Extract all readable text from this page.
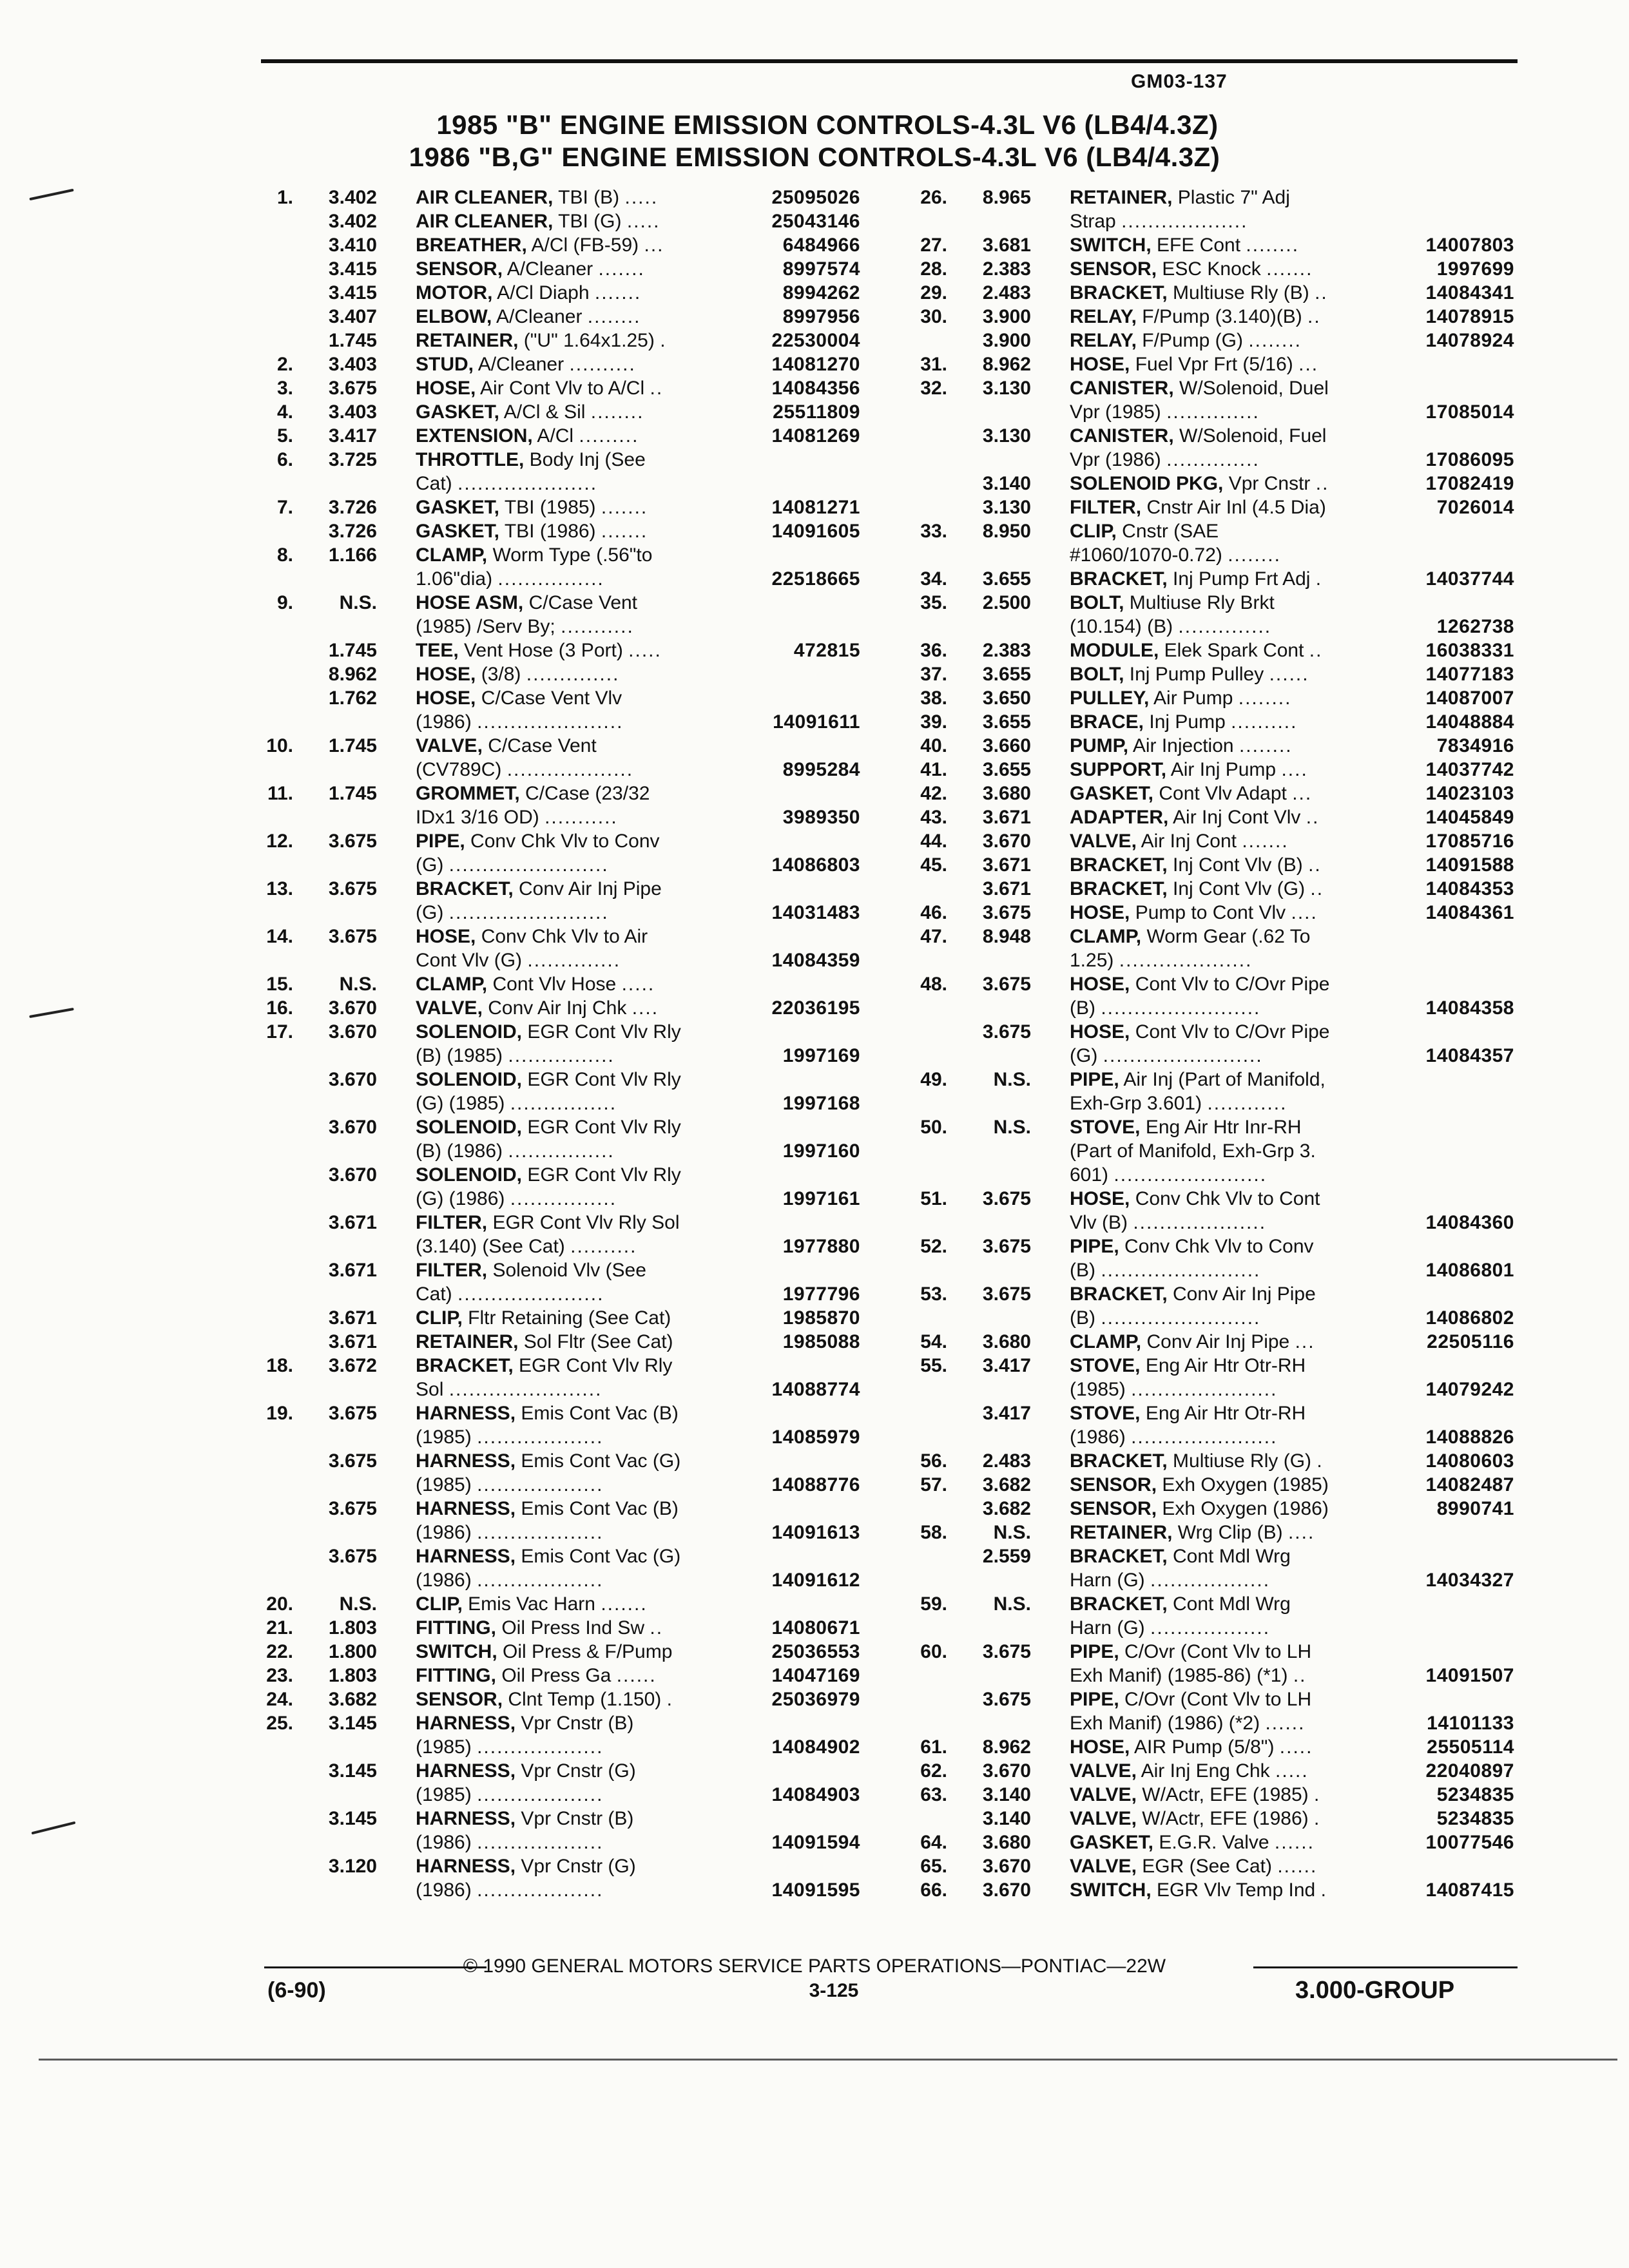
GM03-137
1985 "B" ENGINE EMISSION CONTROLS-4.3L V6 (LB4/4.3Z)
1986 "B,G" ENGINE EMISSION CONTROLS-4.3L V6 (LB4/4.3Z)
1.	3.402 AIR CLEANER, TBI (B) .....	25095026
3.402 AIR CLEANER, TBI (G) .....	25043146
3.410 BREATHER, A/Cl (FB-59) ...	6484966
3.415 SENSOR, A/Cleaner .......	8997574
3.415 MOTOR, A/Cl Diaph .......	8994262
3.407 ELBOW, A/Cleaner ........	8997956
1.745 RETAINER, ("U" 1.64x1.25) .	22530004
2.	3.403 STUD, A/Cleaner ..........	14081270
3.	3.675 HOSE, Air Cont Vlv to A/Cl ..	14084356
4.	3.403 GASKET, A/Cl & Sil ........	25511809
5.	3.417 EXTENSION, A/Cl .........	14081269
6.	3.725 THROTTLE, Body Inj (See
Cat) .....................
7.	3.726 GASKET, TBI (1985) .......	14081271
3.726 GASKET, TBI (1986) .......	14091605
8.	1.166 CLAMP, Worm Type (.56"to
1.06"dia) ................	22518665
9.	N.S. HOSE ASM, C/Case Vent
(1985) /Serv By; ...........
1.745 TEE, Vent Hose (3 Port) .....	472815
8.962 HOSE, (3/8) ..............
1.762 HOSE, C/Case Vent Vlv
(1986) ......................	14091611
10.	1.745 VALVE, C/Case Vent
(CV789C) ...................	8995284
11.	1.745 GROMMET, C/Case (23/32
IDx1 3/16 OD) ...........	3989350
12.	3.675 PIPE, Conv Chk Vlv to Conv
(G) ........................	14086803
13.	3.675 BRACKET, Conv Air Inj Pipe
(G) ........................	14031483
14.	3.675 HOSE, Conv Chk Vlv to Air
Cont Vlv (G) ..............	14084359
15.	N.S. CLAMP, Cont Vlv Hose .....
16.	3.670 VALVE, Conv Air Inj Chk ....	22036195
17.	3.670 SOLENOID, EGR Cont Vlv Rly
(B) (1985) ................	1997169
3.670 SOLENOID, EGR Cont Vlv Rly
(G) (1985) ................	1997168
3.670 SOLENOID, EGR Cont Vlv Rly
(B) (1986) ................	1997160
3.670 SOLENOID, EGR Cont Vlv Rly
(G) (1986) ................	1997161
3.671 FILTER, EGR Cont Vlv Rly Sol
(3.140) (See Cat) ..........	1977880
3.671 FILTER, Solenoid Vlv (See
Cat) ......................	1977796
3.671 CLIP, Fltr Retaining (See Cat)	1985870
3.671 RETAINER, Sol Fltr (See Cat)	1985088
18.	3.672 BRACKET, EGR Cont Vlv Rly
Sol .......................	14088774
19.	3.675 HARNESS, Emis Cont Vac (B)
(1985) ...................	14085979
3.675 HARNESS, Emis Cont Vac (G)
(1985) ...................	14088776
3.675 HARNESS, Emis Cont Vac (B)
(1986) ...................	14091613
3.675 HARNESS, Emis Cont Vac (G)
(1986) ...................	14091612
20.	N.S. CLIP, Emis Vac Harn .......
21.	1.803 FITTING, Oil Press Ind Sw ..	14080671
22.	1.800 SWITCH, Oil Press & F/Pump	25036553
23.	1.803 FITTING, Oil Press Ga ......	14047169
24.	3.682 SENSOR, Clnt Temp (1.150) .	25036979
25.	3.145 HARNESS, Vpr Cnstr (B)
(1985) ...................	14084902
3.145 HARNESS, Vpr Cnstr (G)
(1985) ...................	14084903
3.145 HARNESS, Vpr Cnstr (B)
(1986) ...................	14091594
3.120 HARNESS, Vpr Cnstr (G)
(1986) ...................	14091595
26.	8.965 RETAINER, Plastic 7" Adj
Strap ...................
27.	3.681 SWITCH, EFE Cont ........	14007803
28.	2.383 SENSOR, ESC Knock .......	1997699
29.	2.483 BRACKET, Multiuse Rly (B) ..	14084341
30.	3.900 RELAY, F/Pump (3.140)(B) ..	14078915
3.900 RELAY, F/Pump (G) ........	14078924
31.	8.962 HOSE, Fuel Vpr Frt (5/16) ...
32.	3.130 CANISTER, W/Solenoid, Duel
Vpr (1985) ..............	17085014
3.130 CANISTER, W/Solenoid, Fuel
Vpr (1986) ..............	17086095
3.140 SOLENOID PKG, Vpr Cnstr ..	17082419
3.130 FILTER, Cnstr Air Inl (4.5 Dia)	7026014
33.	8.950 CLIP, Cnstr (SAE
#1060/1070-0.72) ........
34.	3.655 BRACKET, Inj Pump Frt Adj .	14037744
35.	2.500 BOLT, Multiuse Rly Brkt
(10.154) (B) ..............	1262738
36.	2.383 MODULE, Elek Spark Cont ..	16038331
37.	3.655 BOLT, Inj Pump Pulley ......	14077183
38.	3.650 PULLEY, Air Pump ........	14087007
39.	3.655 BRACE, Inj Pump ..........	14048884
40.	3.660 PUMP, Air Injection ........	7834916
41.	3.655 SUPPORT, Air Inj Pump ....	14037742
42.	3.680 GASKET, Cont Vlv Adapt ...	14023103
43.	3.671 ADAPTER, Air Inj Cont Vlv ..	14045849
44.	3.670 VALVE, Air Inj Cont .......	17085716
45.	3.671 BRACKET, Inj Cont Vlv (B) ..	14091588
3.671 BRACKET, Inj Cont Vlv (G) ..	14084353
46.	3.675 HOSE, Pump to Cont Vlv ....	14084361
47.	8.948 CLAMP, Worm Gear (.62 To
1.25) ....................
48.	3.675 HOSE, Cont Vlv to C/Ovr Pipe
(B) ........................	14084358
3.675 HOSE, Cont Vlv to C/Ovr Pipe
(G) ........................	14084357
49.	N.S. PIPE, Air Inj (Part of Manifold,
Exh-Grp 3.601) ............
50.	N.S. STOVE, Eng Air Htr Inr-RH
(Part of Manifold, Exh-Grp 3.
601) .......................
51.	3.675 HOSE, Conv Chk Vlv to Cont
Vlv (B) ....................	14084360
52.	3.675 PIPE, Conv Chk Vlv to Conv
(B) ........................	14086801
53.	3.675 BRACKET, Conv Air Inj Pipe
(B) ........................	14086802
54.	3.680 CLAMP, Conv Air Inj Pipe ...	22505116
55.	3.417 STOVE, Eng Air Htr Otr-RH
(1985) ......................	14079242
3.417 STOVE, Eng Air Htr Otr-RH
(1986) ......................	14088826
56.	2.483 BRACKET, Multiuse Rly (G) .	14080603
57.	3.682 SENSOR, Exh Oxygen (1985)	14082487
3.682 SENSOR, Exh Oxygen (1986)	8990741
58.	N.S. RETAINER, Wrg Clip (B) ....
2.559 BRACKET, Cont Mdl Wrg
Harn (G) ..................	14034327
59.	N.S. BRACKET, Cont Mdl Wrg
Harn (G) ..................
60.	3.675 PIPE, C/Ovr (Cont Vlv to LH
Exh Manif) (1985-86) (*1) ..	14091507
3.675 PIPE, C/Ovr (Cont Vlv to LH
Exh Manif) (1986) (*2) ......	14101133
61.	8.962 HOSE, AIR Pump (5/8") .....	25505114
62.	3.670 VALVE, Air Inj Eng Chk .....	22040897
63.	3.140 VALVE, W/Actr, EFE (1985) .	5234835
3.140 VALVE, W/Actr, EFE (1986) .	5234835
64.	3.680 GASKET, E.G.R. Valve ......	10077546
65.	3.670 VALVE, EGR (See Cat) ......
66.	3.670 SWITCH, EGR Vlv Temp Ind .	14087415
© 1990 GENERAL MOTORS SERVICE PARTS OPERATIONS—PONTIAC—22W
(6-90)	3-125	3.000-GROUP
